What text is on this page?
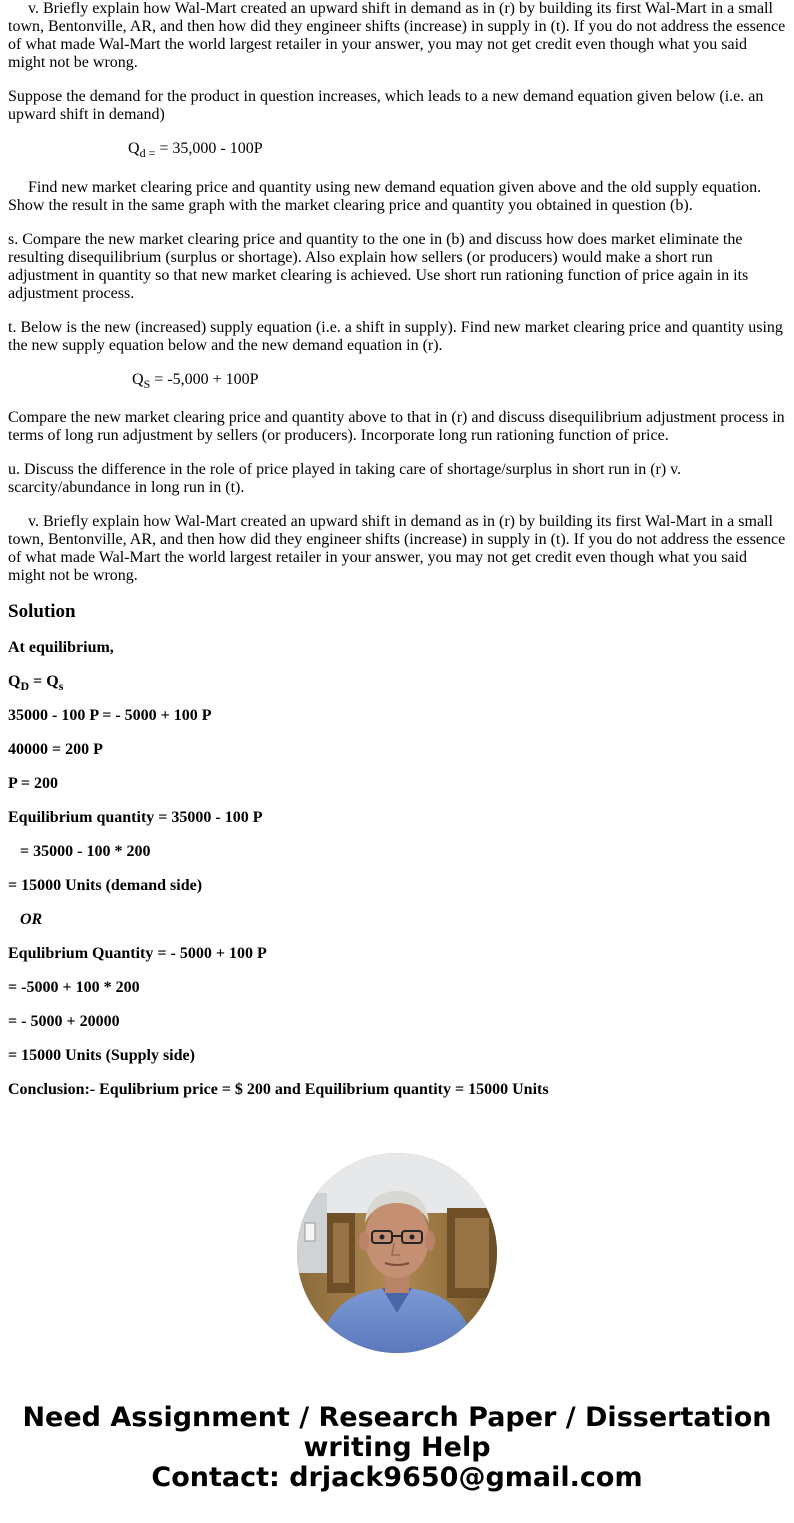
v. Briefly explain how Wal-Mart created an upward shift in demand as in (r) by building its first Wal-Mart in a small town, Bentonville, AR, and then how did they engineer shifts (increase) in supply in (t). If you do not address the essence of what made Wal-Mart the world largest retailer in your answer, you may not get credit even though what you said might not be wrong.

Suppose the demand for the product in question increases, which leads to a new demand equation given below (i.e. an upward shift in demand)

$Q_{d =} = 35,000 - 100P$

Find new market clearing price and quantity using new demand equation given above and the old supply equation. Show the result in the same graph with the market clearing price and quantity you obtained in question (b).

s. Compare the new market clearing price and quantity to the one in (b) and discuss how does market eliminate the resulting disequilibrium (surplus or shortage). Also explain how sellers (or producers) would make a short run adjustment in quantity so that new market clearing is achieved. Use short run rationing function of price again in its adjustment process.

t. Below is the new (increased) supply equation (i.e. a shift in supply). Find new market clearing price and quantity using the new supply equation below and the new demand equation in (r).

$Q_S = -5,000 + 100P$

Compare the new market clearing price and quantity above to that in (r) and discuss disequilibrium adjustment process in terms of long run adjustment by sellers (or producers). Incorporate long run rationing function of price.

u. Discuss the difference in the role of price played in taking care of shortage/surplus in short run in (r) v. scarcity/abundance in long run in (t).

v. Briefly explain how Wal-Mart created an upward shift in demand as in (r) by building its first Wal-Mart in a small town, Bentonville, AR, and then how did they engineer shifts (increase) in supply in (t). If you do not address the essence of what made Wal-Mart the world largest retailer in your answer, you may not get credit even though what you said might not be wrong.

Solution

At equilibrium,

$Q_D = Q_s$

35000 - 100 P = - 5000 + 100 P

40000 = 200 P

P = 200

Equilibrium quantity = 35000 - 100 P

= 35000 - 100 * 200

= 15000 Units (demand side)

OR

Equlibrium Quantity = - 5000 + 100 P

= -5000 + 100 * 200

= - 5000 + 20000

= 15000 Units (Supply side)

Conclusion:- Equlibrium price = $ 200 and Equilibrium quantity = 15000 Units

Need Assignment / Research Paper / Dissertation
writing Help
Contact: drjack9650@gmail.com
